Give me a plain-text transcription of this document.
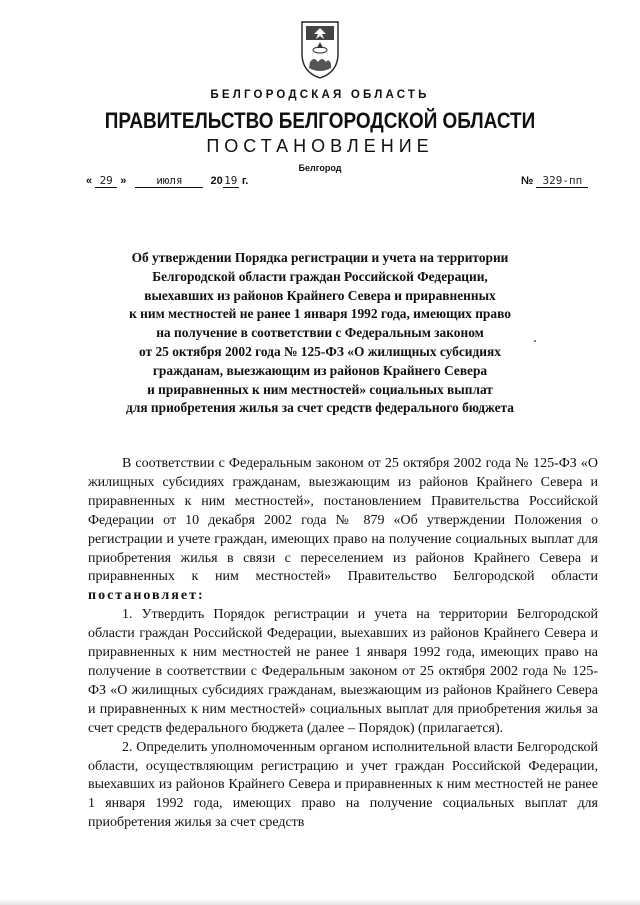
БЕЛГОРОДСКАЯ ОБЛАСТЬ
ПРАВИТЕЛЬСТВО БЕЛГОРОДСКОЙ ОБЛАСТИ
ПОСТАНОВЛЕНИЕ
Белгород
« 29 »	июля	2019 г.	№ 329-пп
Об утверждении Порядка регистрации и учета на территории
Белгородской области граждан Российской Федерации,
выехавших из районов Крайнего Севера и приравненных
к ним местностей не ранее 1 января 1992 года, имеющих право
на получение в соответствии с Федеральным законом
от 25 октября 2002 года № 125-ФЗ «О жилищных субсидиях
гражданам, выезжающим из районов Крайнего Севера
и приравненных к ним местностей» социальных выплат
для приобретения жилья за счет средств федерального бюджета

В соответствии с Федеральным законом от 25 октября 2002 года № 125-ФЗ «О жилищных субсидиях гражданам, выезжающим из районов Крайнего Севера и приравненных к ним местностей», постановлением Правительства Российской Федерации от 10 декабря 2002 года № 879 «Об утверждении Положения о регистрации и учете граждан, имеющих право на получение социальных выплат для приобретения жилья в связи с переселением из районов Крайнего Севера и приравненных к ним местностей» Правительство Белгородской области постановляет:

1. Утвердить Порядок регистрации и учета на территории Белгородской области граждан Российской Федерации, выехавших из районов Крайнего Севера и приравненных к ним местностей не ранее 1 января 1992 года, имеющих право на получение в соответствии с Федеральным законом от 25 октября 2002 года № 125-ФЗ «О жилищных субсидиях гражданам, выезжающим из районов Крайнего Севера и приравненных к ним местностей» социальных выплат для приобретения жилья за счет средств федерального бюджета (далее – Порядок) (прилагается).

2. Определить уполномоченным органом исполнительной власти Белгородской области, осуществляющим регистрацию и учет граждан Российской Федерации, выехавших из районов Крайнего Севера и приравненных к ним местностей не ранее 1 января 1992 года, имеющих право на получение социальных выплат для приобретения жилья за счет средств
